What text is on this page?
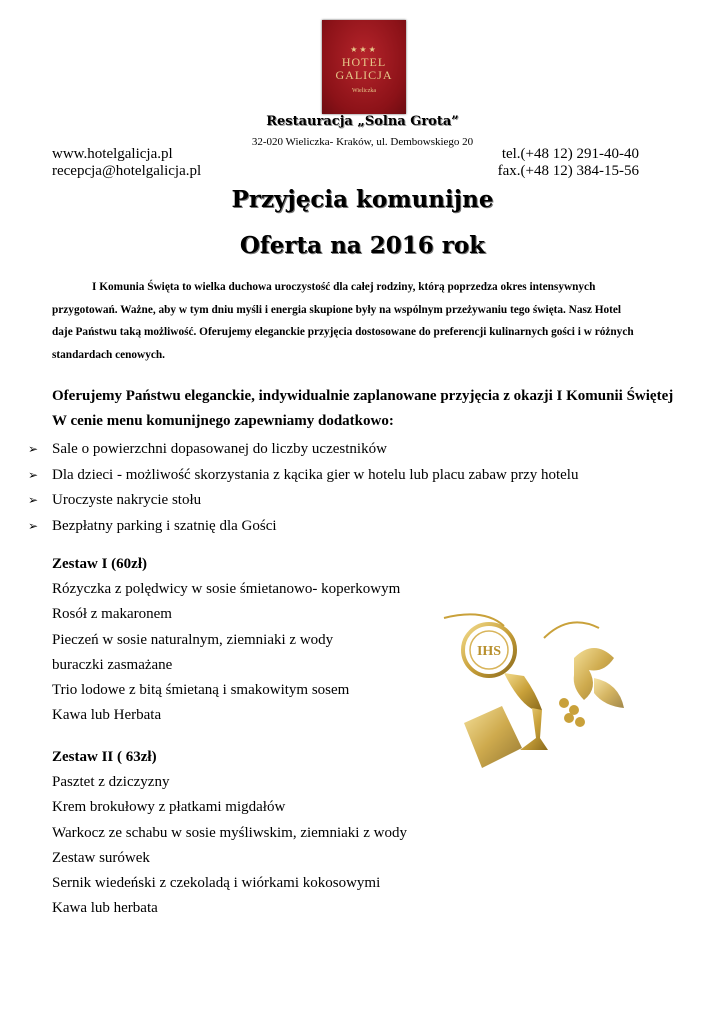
★★★
HOTEL
GALICJA
Wieliczka
Restauracja „Solna Grota”
32-020 Wieliczka- Kraków, ul. Dembowskiego 20
www.hotelgalicja.pl
recepcja@hotelgalicja.pl
tel.(+48 12) 291-40-40
fax.(+48 12) 384-15-56
Przyjęcia komunijne
Oferta na 2016 rok
I Komunia Święta to wielka duchowa uroczystość dla całej rodziny, którą poprzedza okres intensywnych
przygotowań. Ważne, aby w tym dniu myśli i energia skupione były na wspólnym przeżywaniu tego święta. Nasz Hotel
daje Państwu taką możliwość. Oferujemy eleganckie przyjęcia dostosowane do preferencji kulinarnych gości i w różnych
standardach cenowych.
Oferujemy Państwu eleganckie, indywidualnie zaplanowane przyjęcia z okazji I Komunii Świętej
W cenie menu komunijnego zapewniamy dodatkowo:
➢ Sale o powierzchni dopasowanej do liczby uczestników
➢ Dla dzieci - możliwość skorzystania z kącika gier w hotelu lub placu zabaw przy hotelu
➢ Uroczyste nakrycie stołu
➢ Bezpłatny parking i szatnię dla Gości
Zestaw I (60zł)
Rózyczka z polędwicy w sosie śmietanowo- koperkowym
Rosół z makaronem
Pieczeń w sosie naturalnym, ziemniaki z wody
buraczki zasmażane
Trio lodowe z bitą śmietaną i smakowitym sosem
Kawa lub Herbata
Zestaw II ( 63zł)
Pasztet z dziczyzny
Krem brokułowy z płatkami migdałów
Warkocz ze schabu w sosie myśliwskim, ziemniaki z wody
Zestaw surówek
Sernik wiedeński z czekoladą i wiórkami kokosowymi
Kawa lub herbata
IHS
